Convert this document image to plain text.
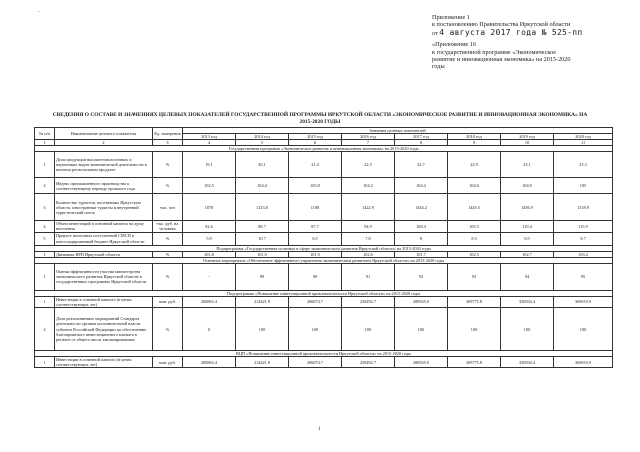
-
Приложение 1
к постановлению Правительства Иркутской области
от 4 августа 2017 года № 525-пп
«Приложение 16
к государственной программе «Экономическое
развитие и инновационная экономика» на 2015-2020
годы
СВЕДЕНИЯ О СОСТАВЕ И ЗНАЧЕНИЯХ ЦЕЛЕВЫХ ПОКАЗАТЕЛЕЙ ГОСУДАРСТВЕННОЙ ПРОГРАММЫ ИРКУТСКОЙ ОБЛАСТИ «ЭКОНОМИЧЕСКОЕ РАЗВИТИЕ И ИННОВАЦИОННАЯ ЭКОНОМИКА» НА 2015-2020 ГОДЫ
№ п/п	Наименование целевого показателя	Ед. измерения	Значения целевых показателей							
			2013 год	2014 год	2015 год	2016 год	2017 год	2018 год	2019 год	2020 год
1	2	3	4	5	6	7	8	9	10	11
Государственная программа «Экономическое развитие и инновационная экономика» на 2015-2020 годы										
1	Доля продукции высокотехнологичных и наукоемких видов экономической деятельности в валовом региональном продукте	%	19.1	20.1	21.4	22.5	22.7	22.9	23.1	23.3
2	Индекс промышленного производства к соответствующему периоду прошлого года	%	102.5	104.4	105.8	104.2	104.4	104.6	104.9	105
3	Количество туристов, посетивших Иркутскую область: иностранные туристы и внутренний туристический поток	тыс. чел	1070	1123.8	1188	1422.9	1434.2	1445.5	1456.9	1518.9
4	Объем инвестиций в основной капитал на душу населения	тыс. руб. на человека	82.6	88.7	87.7	94.9	100.4	105.5	110.4	115.9
5	Прирост налоговых поступлений СМСП в консолидированный бюджет Иркутской области	%	5.9	10.7	6.5	7.8	8	8.3	8.5	8.7
Подпрограмма «Государственная политика в сфере экономического развития Иркутской области» на 2015-2020 годы										
1	Динамика ВРП Иркутской области	%	101.8	101.9	101.9	102.6	101.7	102.5	102.7	103.2
Основное мероприятие «Обеспечение эффективного управления экономическим развитием Иркутской области» на 2015-2020 годы										
1	Оценка эффективности участия министерства экономического развития Иркутской области в государственных программах Иркутской области	%	-	89	90	91	92	93	94	95
Подпрограмма «Повышение инвестиционной привлекательности Иркутской области» на 2015-2020 годы										
1	Инвестиции в основной капитал (в ценах соответствующих лет)	млн. руб.	200863.4	214421.9	206074.7	258492.7	288565.0	309775.8	336594.4	369053.9
2	Доля реализованных мероприятий Стандарта деятельности органов исполнительной власти субъекта Российской Федерации по обеспечению благоприятного инвестиционного климата в регионе от общего числа запланированных	%	0	100	100	100	100	100	100	100
ВЦП «Повышение инвестиционной привлекательности Иркутской области» на 2015-2020 годы										
1	Инвестиции в основной капитал (в ценах соответствующих лет)	млн. руб.	200863.4	214421.9	206074.7	258492.7	288565.0	309775.8	336594.4	369053.9
1
